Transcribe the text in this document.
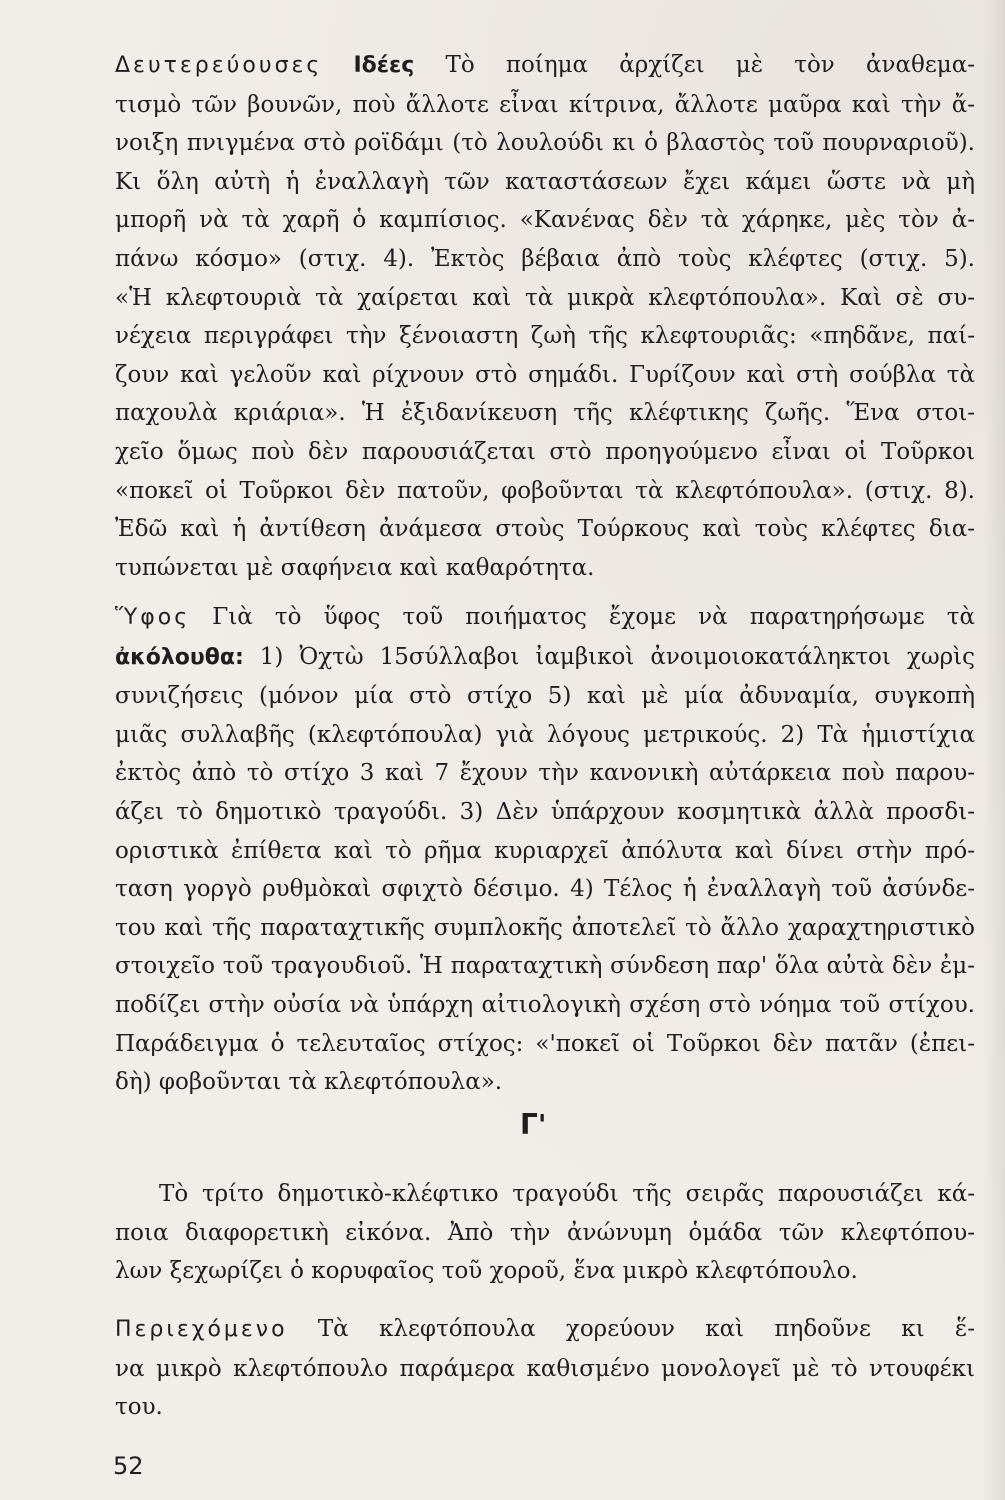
Δευτερεύουσες Ιδέες Τὸ ποίημα ἀρχίζει μὲ τὸν ἀναθεμα-
τισμὸ τῶν βουνῶν, ποὺ ἄλλοτε εἶναι κίτρινα, ἄλλοτε μαῦρα καὶ τὴν ἄ-
νοιξη πνιγμένα στὸ ροϊδάμι (τὸ λουλούδι κι ὁ βλαστὸς τοῦ πουρναριοῦ).
Κι ὅλη αὐτὴ ἡ ἐναλλαγὴ τῶν καταστάσεων ἔχει κάμει ὥστε νὰ μὴ
μπορῆ νὰ τὰ χαρῆ ὁ καμπίσιος. «Κανένας δὲν τὰ χάρηκε, μὲς τὸν ἀ-
πάνω κόσμο» (στιχ. 4). Ἐκτὸς βέβαια ἀπὸ τοὺς κλέφτες (στιχ. 5).
«Ἡ κλεφτουριὰ τὰ χαίρεται καὶ τὰ μικρὰ κλεφτόπουλα». Καὶ σὲ συ-
νέχεια περιγράφει τὴν ξένοιαστη ζωὴ τῆς κλεφτουριᾶς: «πηδᾶνε, παί-
ζουν καὶ γελοῦν καὶ ρίχνουν στὸ σημάδι. Γυρίζουν καὶ στὴ σούβλα τὰ
παχουλὰ κριάρια». Ἡ ἐξιδανίκευση τῆς κλέφτικης ζωῆς. Ἕνα στοι-
χεῖο ὅμως ποὺ δὲν παρουσιάζεται στὸ προηγούμενο εἶναι οἱ Τοῦρκοι
«ποκεῖ οἱ Τοῦρκοι δὲν πατοῦν, φοβοῦνται τὰ κλεφτόπουλα». (στιχ. 8).
Ἐδῶ καὶ ἡ ἀντίθεση ἀνάμεσα στοὺς Τούρκους καὶ τοὺς κλέφτες δια-
τυπώνεται μὲ σαφήνεια καὶ καθαρότητα.
Ὕφος Γιὰ τὸ ὕφος τοῦ ποιήματος ἔχομε νὰ παρατηρήσωμε τὰ
ἀκόλουθα: 1) Ὀχτὼ 15σύλλαβοι ἰαμβικοὶ ἀνοιμοιοκατάληκτοι χωρὶς
συνιζήσεις (μόνον μία στὸ στίχο 5) καὶ μὲ μία ἀδυναμία, συγκοπὴ
μιᾶς συλλαβῆς (κλεφτόπουλα) γιὰ λόγους μετρικούς. 2) Τὰ ἡμιστίχια
ἐκτὸς ἀπὸ τὸ στίχο 3 καὶ 7 ἔχουν τὴν κανονικὴ αὐτάρκεια ποὺ παρου-
άζει τὸ δημοτικὸ τραγούδι. 3) Δὲν ὑπάρχουν κοσμητικὰ ἀλλὰ προσδι-
οριστικὰ ἐπίθετα καὶ τὸ ρῆμα κυριαρχεῖ ἀπόλυτα καὶ δίνει στὴν πρό-
ταση γοργὸ ρυθμὸκαὶ σφιχτὸ δέσιμο. 4) Τέλος ἡ ἐναλλαγὴ τοῦ ἀσύνδε-
του καὶ τῆς παραταχτικῆς συμπλοκῆς ἀποτελεῖ τὸ ἄλλο χαραχτηριστικὸ
στοιχεῖο τοῦ τραγουδιοῦ. Ἡ παραταχτικὴ σύνδεση παρ' ὅλα αὐτὰ δὲν ἐμ-
ποδίζει στὴν οὐσία νὰ ὑπάρχη αἰτιολογικὴ σχέση στὸ νόημα τοῦ στίχου.
Παράδειγμα ὁ τελευταῖος στίχος: «'ποκεῖ οἱ Τοῦρκοι δὲν πατᾶν (ἐπει-
δὴ) φοβοῦνται τὰ κλεφτόπουλα».
Γ'
Τὸ τρίτο δημοτικὸ-κλέφτικο τραγούδι τῆς σειρᾶς παρουσιάζει κά-
ποια διαφορετικὴ εἰκόνα. Ἀπὸ τὴν ἀνώνυμη ὁμάδα τῶν κλεφτόπου-
λων ξεχωρίζει ὁ κορυφαῖος τοῦ χοροῦ, ἕνα μικρὸ κλεφτόπουλο.
Περιεχόμενο Τὰ κλεφτόπουλα χορεύουν καὶ πηδοῦνε κι ἕ-
να μικρὸ κλεφτόπουλο παράμερα καθισμένο μονολογεῖ μὲ τὸ ντουφέκι
του.
52
